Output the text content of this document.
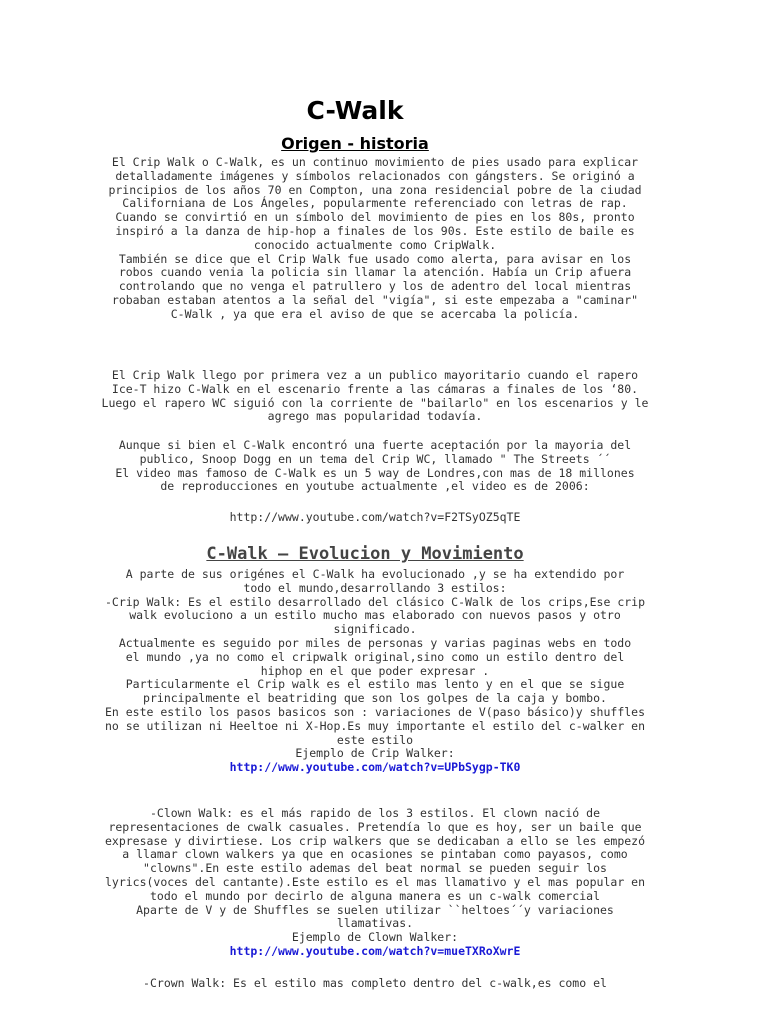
C-Walk
Origen - historia

El Crip Walk o C-Walk, es un continuo movimiento de pies usado para explicar

detalladamente imágenes y símbolos relacionados con gángsters. Se originó a

principios de los años 70 en Compton, una zona residencial pobre de la ciudad

Californiana de Los Ángeles, popularmente referenciado con letras de rap.

Cuando se convirtió en un símbolo del movimiento de pies en los 80s, pronto

inspiró a la danza de hip-hop a finales de los 90s. Este estilo de baile es

conocido actualmente como CripWalk.

También se dice que el Crip Walk fue usado como alerta, para avisar en los

robos cuando venia la policia sin llamar la atención. Había un Crip afuera

controlando que no venga el patrullero y los de adentro del local mientras

robaban estaban atentos a la señal del "vigía", si este empezaba a "caminar"

C-Walk , ya que era el aviso de que se acercaba la policía.

El Crip Walk llego por primera vez a un publico mayoritario cuando el rapero

Ice-T hizo C-Walk en el escenario frente a las cámaras a finales de los ‘80.

Luego el rapero WC siguió con la corriente de "bailarlo" en los escenarios y le

agrego mas popularidad todavía.

Aunque si bien el C-Walk encontró una fuerte aceptación por la mayoria del

publico, Snoop Dogg en un tema del Crip WC, llamado " The Streets ´´

El video mas famoso de C-Walk es un 5 way de Londres,con mas de 18 millones

de reproducciones en youtube actualmente ,el video es de 2006:

http://www.youtube.com/watch?v=F2TSyOZ5qTE

C-Walk – Evolucion y Movimiento

A parte de sus origénes el C-Walk ha evolucionado ,y se ha extendido por

todo el mundo,desarrollando 3 estilos:

-Crip Walk: Es el estilo desarrollado del clásico C-Walk de los crips,Ese crip

walk evoluciono a un estilo mucho mas elaborado con nuevos pasos y otro

significado.

Actualmente es seguido por miles de personas y varias paginas webs en todo

el mundo ,ya no como el cripwalk original,sino como un estilo dentro del

hiphop en el que poder expresar .

Particularmente el Crip walk es el estilo mas lento y en el que se sigue

principalmente el beatriding que son los golpes de la caja y bombo.

En este estilo los pasos basicos son : variaciones de V(paso básico)y shuffles

no se utilizan ni Heeltoe ni X-Hop.Es muy importante el estilo del c-walker en

este estilo

Ejemplo de Crip Walker:

http://www.youtube.com/watch?v=UPbSygp-TK0

-Clown Walk: es el más rapido de los 3 estilos. El clown nació de

representaciones de cwalk casuales. Pretendía lo que es hoy, ser un baile que

expresase y divirtiese. Los crip walkers que se dedicaban a ello se les empezó

a llamar clown walkers ya que en ocasiones se pintaban como payasos, como

"clowns".En este estilo ademas del beat normal se pueden seguir los

lyrics(voces del cantante).Este estilo es el mas llamativo y el mas popular en

todo el mundo por decirlo de alguna manera es un c-walk comercial

Aparte de V y de Shuffles se suelen utilizar ``heltoes´´y variaciones

llamativas.

Ejemplo de Clown Walker:

http://www.youtube.com/watch?v=mueTXRoXwrE

-Crown Walk: Es el estilo mas completo dentro del c-walk,es como el
